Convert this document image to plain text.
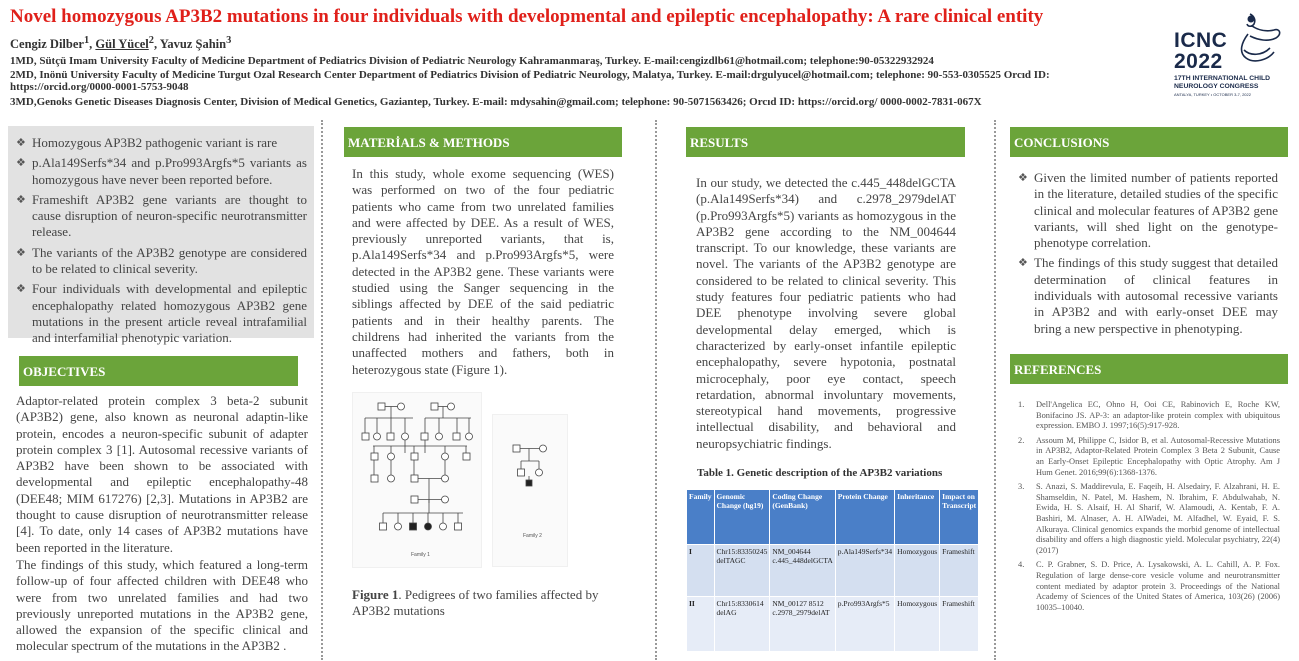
Novel homozygous AP3B2 mutations in four individuals with developmental and epileptic encephalopathy: A rare clinical entity
Cengiz Dilber$^1$, Gül Yücel$^2$, Yavuz Şahin$^3$
1MD, Sütçü Imam University Faculty of Medicine Department of Pediatrics Division of Pediatric Neurology Kahramanmaraş, Turkey. E-mail:cengizdlb61@hotmail.com; telephone:90-05322932924
2MD, Inönü University Faculty of Medicine Turgut Ozal Research Center Department of Pediatrics Division of Pediatric Neurology, Malatya, Turkey. E-mail:drgulyucel@hotmail.com; telephone: 90-553-0305525 Orcıd ID:
https://orcid.org/0000-0001-5753-9048
3MD,Genoks Genetic Diseases Diagnosis Center, Division of Medical Genetics, Gaziantep, Turkey. E-mail: mdysahin@gmail.com; telephone: 90-5071563426; Orcıd ID: https://orcid.org/ 0000-0002-7831-067X
ICNC
2022
17TH INTERNATIONAL CHILD
NEUROLOGY CONGRESS
ANTALYA, TURKEY • OCTOBER 3-7, 2022
❖ Homozygous AP3B2 pathogenic variant is rare
❖ p.Ala149Serfs*34 and p.Pro993Argfs*5 variants as homozygous have never been reported before.
❖ Frameshift AP3B2 gene variants are thought to cause disruption of neuron-specific neurotransmitter release.
❖ The variants of the AP3B2 genotype are considered to be related to clinical severity.
❖ Four individuals with developmental and epileptic encephalopathy related homozygous AP3B2 gene mutations in the present article reveal intrafamilial and interfamilial phenotypic variation.
OBJECTIVES
Adaptor-related protein complex 3 beta-2 subunit (AP3B2) gene, also known as neuronal adaptin-like protein, encodes a neuron-specific subunit of adapter protein complex 3 [1]. Autosomal recessive variants of AP3B2 have been shown to be associated with developmental and epileptic encephalopathy-48 (DEE48; MIM 617276) [2,3]. Mutations in AP3B2 are thought to cause disruption of neurotransmitter release [4]. To date, only 14 cases of AP3B2 mutations have been reported in the literature.
The findings of this study, which featured a long-term follow-up of four affected children with DEE48 who were from two unrelated families and had two previously unreported mutations in the AP3B2 gene, allowed the expansion of the specific clinical and molecular spectrum of the mutations in the AP3B2 .
MATERİALS & METHODS
In this study, whole exome sequencing (WES) was performed on two of the four pediatric patients who came from two unrelated families and were affected by DEE. As a result of WES, previously unreported variants, that is, p.Ala149Serfs*34 and p.Pro993Argfs*5, were detected in the AP3B2 gene. These variants were studied using the Sanger sequencing in the siblings affected by DEE of the said pediatric patients and in their healthy parents. The childrens had inherited the variants from the unaffected mothers and fathers, both in heterozygous state (Figure 1).
Family 1
Family 2
Figure 1. Pedigrees of two families affected by AP3B2 mutations
RESULTS
In our study, we detected the c.445_448delGCTA (p.Ala149Serfs*34) and c.2978_2979delAT (p.Pro993Argfs*5) variants as homozygous in the AP3B2 gene according to the NM_004644 transcript. To our knowledge, these variants are novel. The variants of the AP3B2 genotype are considered to be related to clinical severity. This study features four pediatric patients who had DEE phenotype involving severe global developmental delay emerged, which is characterized by early-onset infantile epileptic encephalopathy, severe hypotonia, postnatal microcephaly, poor eye contact, speech retardation, abnormal involuntary movements, stereotypical hand movements, progressive intellectual disability, and behavioral and neuropsychiatric findings.
Table 1. Genetic description of the AP3B2 variations
Family	Genomic Change (hg19)	Coding Change (GenBank)	Protein Change	Inheritance	Impact on Transcript
I	Chr15:83350245 delTAGC	NM_004644 c.445_448delGCTA	p.Ala149Serfs*34	Homozygous	Frameshift
II	Chr15:8330614 delAG	NM_00127 8512 c.2978_2979delAT	p.Pro993Argfs*5	Homozygous	Frameshift
CONCLUSIONS
❖ Given the limited number of patients reported in the literature, detailed studies of the specific clinical and molecular features of AP3B2 gene variants, will shed light on the genotype-phenotype correlation.
❖ The findings of this study suggest that detailed determination of clinical features in individuals with autosomal recessive variants in AP3B2 and with early-onset DEE may bring a new perspective in phenotyping.
REFERENCES
1. Dell'Angelica EC, Ohno H, Ooi CE, Rabinovich E, Roche KW, Bonifacino JS. AP-3: an adaptor-like protein complex with ubiquitous expression. EMBO J. 1997;16(5):917-928.
2. Assoum M, Philippe C, Isidor B, et al. Autosomal-Recessive Mutations in AP3B2, Adaptor-Related Protein Complex 3 Beta 2 Subunit, Cause an Early-Onset Epileptic Encephalopathy with Optic Atrophy. Am J Hum Genet. 2016;99(6):1368-1376.
3. S. Anazi, S. Maddirevula, E. Faqeih, H. Alsedairy, F. Alzahrani, H. E. Shamseldin, N. Patel, M. Hashem, N. Ibrahim, F. Abdulwahab, N. Ewida, H. S. Alsaif, H. Al Sharif, W. Alamoudi, A. Kentab, F. A. Bashiri, M. Alnaser, A. H. AlWadei, M. Alfadhel, W. Eyaid, F. S. Alkuraya. Clinical genomics expands the morbid genome of intellectual disability and offers a high diagnostic yield. Molecular psychiatry, 22(4) (2017)
4. C. P. Grabner, S. D. Price, A. Lysakowski, A. L. Cahill, A. P. Fox. Regulation of large dense-core vesicle volume and neurotransmitter content mediated by adaptor protein 3. Proceedings of the National Academy of Sciences of the United States of America, 103(26) (2006) 10035–10040.
